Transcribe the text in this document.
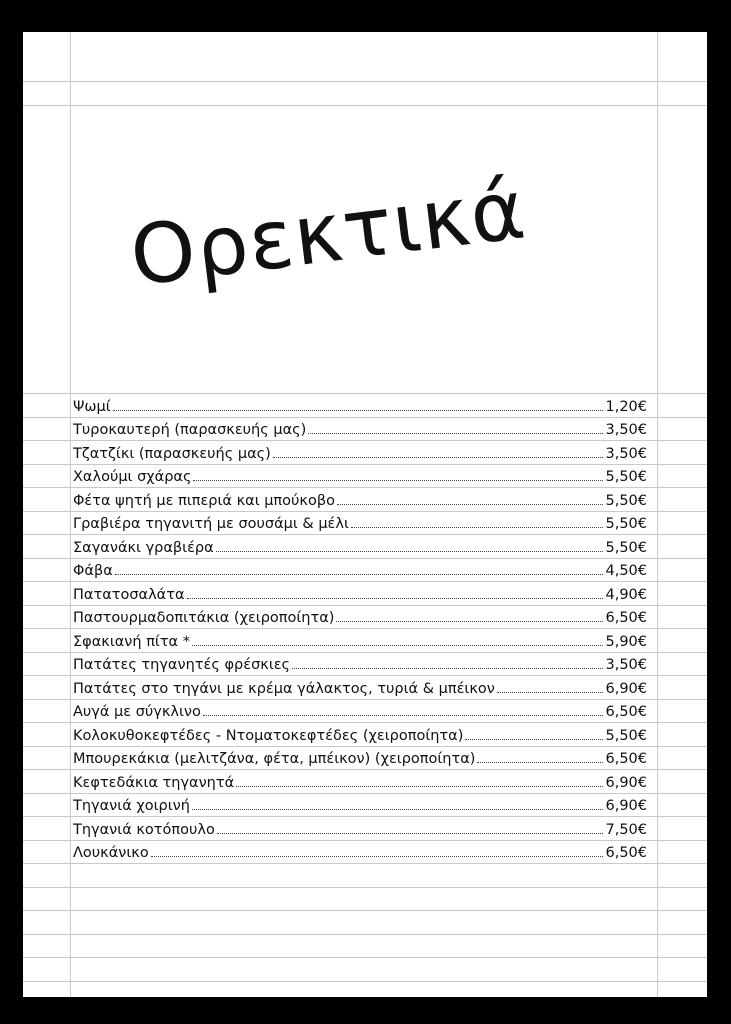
Ορεκτικά
Ψωμί	1,20€
Τυροκαυτερή (παρασκευής μας)	3,50€
Τζατζίκι (παρασκευής μας)	3,50€
Χαλούμι σχάρας	5,50€
Φέτα ψητή με πιπεριά και μπούκοβο	5,50€
Γραβιέρα τηγανιτή με σουσάμι & μέλι	5,50€
Σαγανάκι γραβιέρα	5,50€
Φάβα	4,50€
Πατατοσαλάτα	4,90€
Παστουρμαδοπιτάκια (χειροποίητα)	6,50€
Σφακιανή πίτα *	5,90€
Πατάτες τηγανητές φρέσκιες	3,50€
Πατάτες στο τηγάνι με κρέμα γάλακτος, τυριά & μπέικον	6,90€
Αυγά με σύγκλινο	6,50€
Κολοκυθοκεφτέδες - Ντοματοκεφτέδες (χειροποίητα)	5,50€
Μπουρεκάκια (μελιτζάνα, φέτα, μπέικον) (χειροποίητα)	6,50€
Κεφτεδάκια τηγανητά	6,90€
Τηγανιά χοιρινή	6,90€
Τηγανιά κοτόπουλο	7,50€
Λουκάνικο	6,50€
